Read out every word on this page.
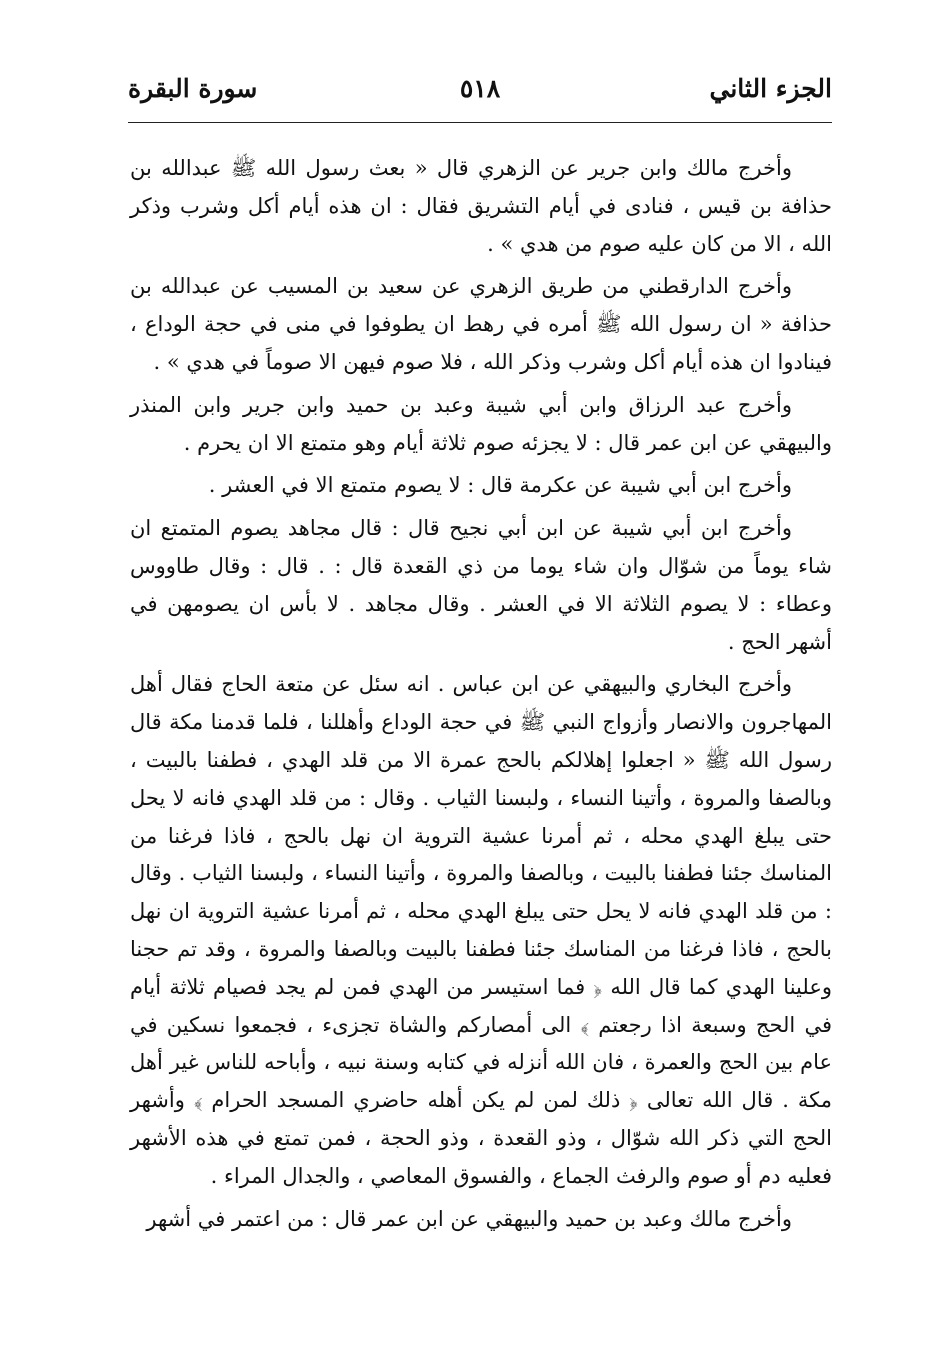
الجزء الثاني
٥١٨
سورة البقرة

وأخرج مالك وابن جرير عن الزهري قال « بعث رسول الله ﷺ عبدالله بن حذافة بن قيس ، فنادى في أيام التشريق فقال : ان هذه أيام أكل وشرب وذكر الله ، الا من كان عليه صوم من هدي » .

وأخرج الدارقطني من طريق الزهري عن سعيد بن المسيب عن عبدالله بن حذافة « ان رسول الله ﷺ أمره في رهط ان يطوفوا في منى في حجة الوداع ، فينادوا ان هذه أيام أكل وشرب وذكر الله ، فلا صوم فيهن الا صوماً في هدي » .

وأخرج عبد الرزاق وابن أبي شيبة وعبد بن حميد وابن جرير وابن المنذر والبيهقي عن ابن عمر قال : لا يجزئه صوم ثلاثة أيام وهو متمتع الا ان يحرم .

وأخرج ابن أبي شيبة عن عكرمة قال : لا يصوم متمتع الا في العشر .

وأخرج ابن أبي شيبة عن ابن أبي نجيح قال : قال مجاهد يصوم المتمتع ان شاء يوماً من شوّال وان شاء يوما من ذي القعدة قال : . قال : وقال طاووس وعطاء : لا يصوم الثلاثة الا في العشر . وقال مجاهد . لا بأس ان يصومهن في أشهر الحج .

وأخرج البخاري والبيهقي عن ابن عباس . انه سئل عن متعة الحاج فقال أهل المهاجرون والانصار وأزواج النبي ﷺ في حجة الوداع وأهللنا ، فلما قدمنا مكة قال رسول الله ﷺ « اجعلوا إهلالكم بالحج عمرة الا من قلد الهدي ، فطفنا بالبيت ، وبالصفا والمروة ، وأتينا النساء ، ولبسنا الثياب . وقال : من قلد الهدي فانه لا يحل حتى يبلغ الهدي محله ، ثم أمرنا عشية التروية ان نهل بالحج ، فاذا فرغنا من المناسك جئنا فطفنا بالبيت ، وبالصفا والمروة ، وأتينا النساء ، ولبسنا الثياب . وقال : من قلد الهدي فانه لا يحل حتى يبلغ الهدي محله ، ثم أمرنا عشية التروية ان نهل بالحج ، فاذا فرغنا من المناسك جئنا فطفنا بالبيت وبالصفا والمروة ، وقد تم حجنا وعلينا الهدي كما قال الله ﴿ فما استيسر من الهدي فمن لم يجد فصيام ثلاثة أيام في الحج وسبعة اذا رجعتم ﴾ الى أمصاركم والشاة تجزىء ، فجمعوا نسكين في عام بين الحج والعمرة ، فان الله أنزله في كتابه وسنة نبيه ، وأباحه للناس غير أهل مكة . قال الله تعالى ﴿ ذلك لمن لم يكن أهله حاضري المسجد الحرام ﴾ وأشهر الحج التي ذكر الله شوّال ، وذو القعدة ، وذو الحجة ، فمن تمتع في هذه الأشهر فعليه دم أو صوم والرفث الجماع ، والفسوق المعاصي ، والجدال المراء .

وأخرج مالك وعبد بن حميد والبيهقي عن ابن عمر قال : من اعتمر في أشهر
